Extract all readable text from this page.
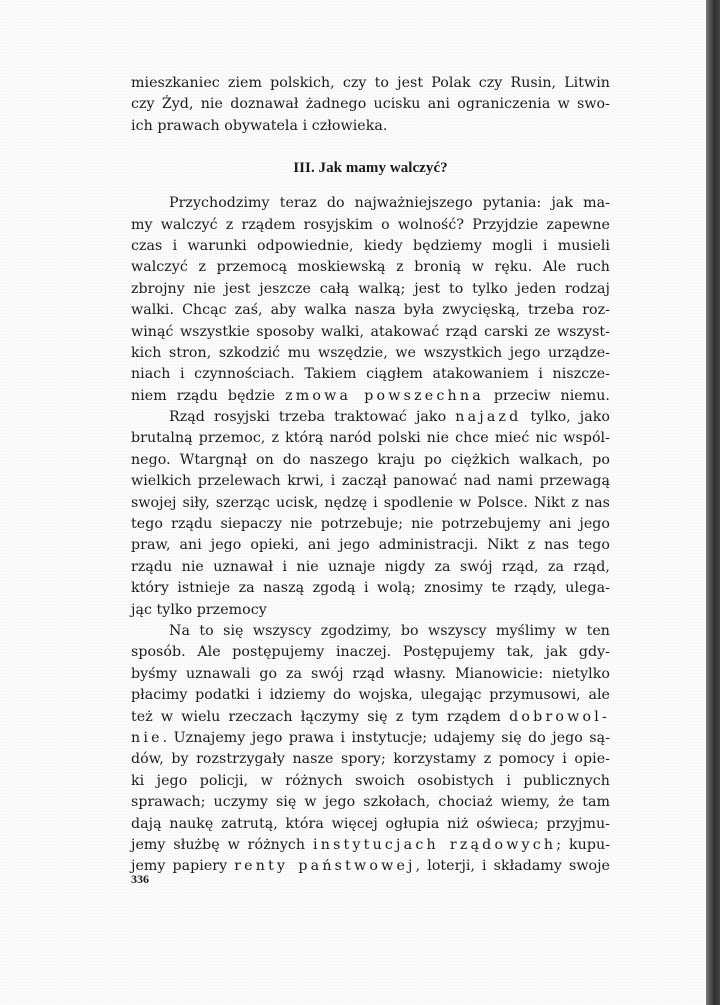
mieszkaniec ziem polskich, czy to jest Polak czy Rusin, Litwin
czy Żyd, nie doznawał żadnego ucisku ani ograniczenia w swo-
ich prawach obywatela i człowieka.
III. Jak mamy walczyć?
Przychodzimy teraz do najważniejszego pytania: jak ma-
my walczyć z rządem rosyjskim o wolność? Przyjdzie zapewne
czas i warunki odpowiednie, kiedy będziemy mogli i musieli
walczyć z przemocą moskiewską z bronią w ręku. Ale ruch
zbrojny nie jest jeszcze całą walką; jest to tylko jeden rodzaj
walki. Chcąc zaś, aby walka nasza była zwycięską, trzeba roz-
winąć wszystkie sposoby walki, atakować rząd carski ze wszyst-
kich stron, szkodzić mu wszędzie, we wszystkich jego urządze-
niach i czynnościach. Takiem ciągłem atakowaniem i niszcze-
niem rządu będzie zmowa powszechna przeciw niemu.
Rząd rosyjski trzeba traktować jako najazd tylko, jako
brutalną przemoc, z którą naród polski nie chce mieć nic wspól-
nego. Wtargnął on do naszego kraju po ciężkich walkach, po
wielkich przelewach krwi, i zaczął panować nad nami przewagą
swojej siły, szerząc ucisk, nędzę i spodlenie w Polsce. Nikt z nas
tego rządu siepaczy nie potrzebuje; nie potrzebujemy ani jego
praw, ani jego opieki, ani jego administracji. Nikt z nas tego
rządu nie uznawał i nie uznaje nigdy za swój rząd, za rząd,
który istnieje za naszą zgodą i wolą; znosimy te rządy, ulega-
jąc tylko przemocy
Na to się wszyscy zgodzimy, bo wszyscy myślimy w ten
sposób. Ale postępujemy inaczej. Postępujemy tak, jak gdy-
byśmy uznawali go za swój rząd własny. Mianowicie: nietylko
płacimy podatki i idziemy do wojska, ulegając przymusowi, ale
też w wielu rzeczach łączymy się z tym rządem dobrowol-
nie. Uznajemy jego prawa i instytucje; udajemy się do jego są-
dów, by rozstrzygały nasze spory; korzystamy z pomocy i opie-
ki jego policji, w różnych swoich osobistych i publicznych
sprawach; uczymy się w jego szkołach, chociaż wiemy, że tam
dają naukę zatrutą, która więcej ogłupia niż oświeca; przyjmu-
jemy służbę w różnych instytucjach rządowych; kupu-
jemy papiery renty państwowej, loterji, i składamy swoje
336
